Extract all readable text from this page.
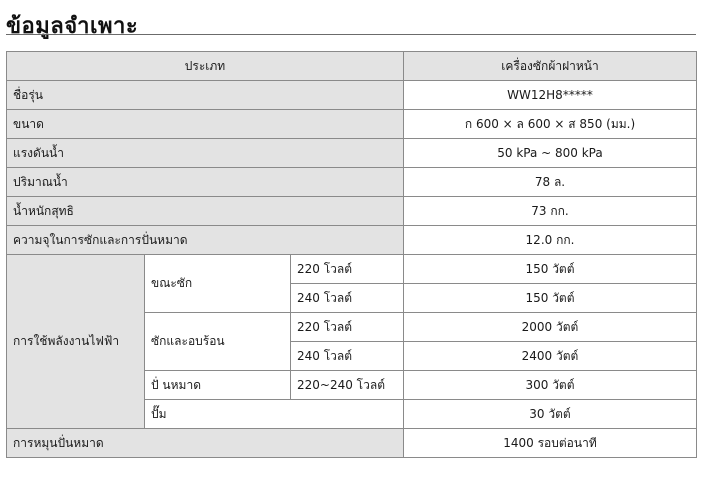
ข้อมูลจำเพาะ
ประเภท			เครื่องซักผ้าฝาหน้า
ชื่อรุ่น			WW12H8*****
ขนาด			ก 600 × ล 600 × ส 850 (มม.)
แรงดันน้ำ			50 kPa ~ 800 kPa
ปริมาณน้ำ			78 ล.
น้ำหนักสุทธิ			73 กก.
ความจุในการซักและการปั่นหมาด			12.0 กก.
การใช้พลังงานไฟฟ้า	ขณะซัก	220 โวลต์	150 วัตต์
		240 โวลต์	150 วัตต์
	ซักและอบร้อน	220 โวลต์	2000 วัตต์
		240 โวลต์	2400 วัตต์
	ปั่ นหมาด	220~240 โวลต์	300 วัตต์
	ปั๊ม		30 วัตต์
การหมุนปั่นหมาด			1400 รอบต่อนาที
